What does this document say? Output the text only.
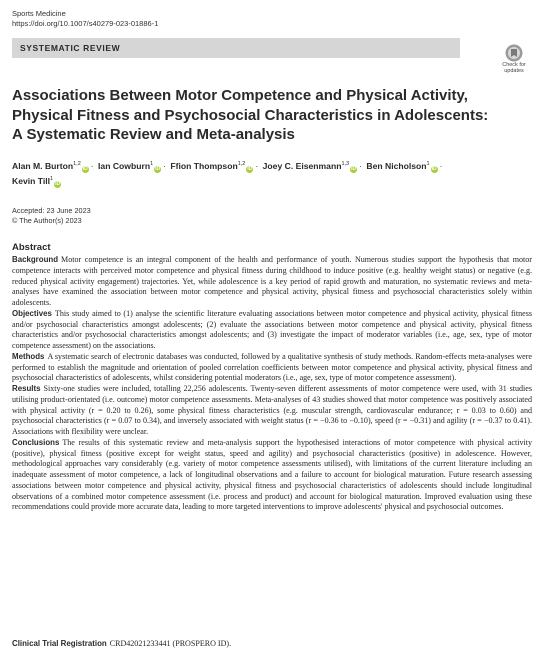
Sports Medicine
https://doi.org/10.1007/s40279-023-01886-1
SYSTEMATIC REVIEW
Check for
updates
Associations Between Motor Competence and Physical Activity,
Physical Fitness and Psychosocial Characteristics in Adolescents:
A Systematic Review and Meta-analysis
Alan M. Burton$^{1,2}$iD · Ian Cowburn$^1$iD · Ffion Thompson$^{1,2}$iD · Joey C. Eisenmann$^{1,3}$iD · Ben Nicholson$^1$iD ·
Kevin Till$^1$iD
Accepted: 23 June 2023
© The Author(s) 2023
Abstract

Background Motor competence is an integral component of the health and performance of youth. Numerous studies support the hypothesis that motor competence interacts with perceived motor competence and physical fitness during childhood to induce positive (e.g. healthy weight status) or negative (e.g. reduced physical activity engagement) trajectories. Yet, while adolescence is a key period of rapid growth and maturation, no systematic reviews and meta-analyses have examined the association between motor competence and physical activity, physical fitness and psychosocial characteristics solely within adolescents.

Objectives This study aimed to (1) analyse the scientific literature evaluating associations between motor competence and physical activity, physical fitness and/or psychosocial characteristics amongst adolescents; (2) evaluate the associations between motor competence and physical activity, physical fitness characteristics and/or psychosocial characteristics amongst adolescents; and (3) investigate the impact of moderator variables (i.e., age, sex, type of motor competence assessment) on the associations.

Methods A systematic search of electronic databases was conducted, followed by a qualitative synthesis of study methods. Random-effects meta-analyses were performed to establish the magnitude and orientation of pooled correlation coefficients between motor competence and physical activity, physical fitness and psychosocial characteristics of adolescents, whilst considering potential moderators (i.e., age, sex, type of motor competence assessment).

Results Sixty-one studies were included, totalling 22,256 adolescents. Twenty-seven different assessments of motor competence were used, with 31 studies utilising product-orientated (i.e. outcome) motor competence assessments. Meta-analyses of 43 studies showed that motor competence was positively associated with physical activity (r = 0.20 to 0.26), some physical fitness characteristics (e.g. muscular strength, cardiovascular endurance; r = 0.03 to 0.60) and psychosocial characteristics (r = 0.07 to 0.34), and inversely associated with weight status (r = −0.36 to −0.10), speed (r = −0.31) and agility (r = −0.37 to 0.41). Associations with flexibility were unclear.

Conclusions The results of this systematic review and meta-analysis support the hypothesised interactions of motor competence with physical activity (positive), physical fitness (positive except for weight status, speed and agility) and psychosocial characteristics (positive) in adolescence. However, methodological approaches vary considerably (e.g. variety of motor competence assessments utilised), with limitations of the current literature including an inadequate assessment of motor competence, a lack of longitudinal observations and a failure to account for biological maturation. Future research assessing associations between motor competence and physical activity, physical fitness and psychosocial characteristics of adolescents should include longitudinal observations of a combined motor competence assessment (i.e. process and product) and account for biological maturation. Improved evaluation using these recommendations could provide more accurate data, leading to more targeted interventions to improve adolescents' physical and psychosocial outcomes.

Clinical Trial Registration CRD42021233441 (PROSPERO ID).
